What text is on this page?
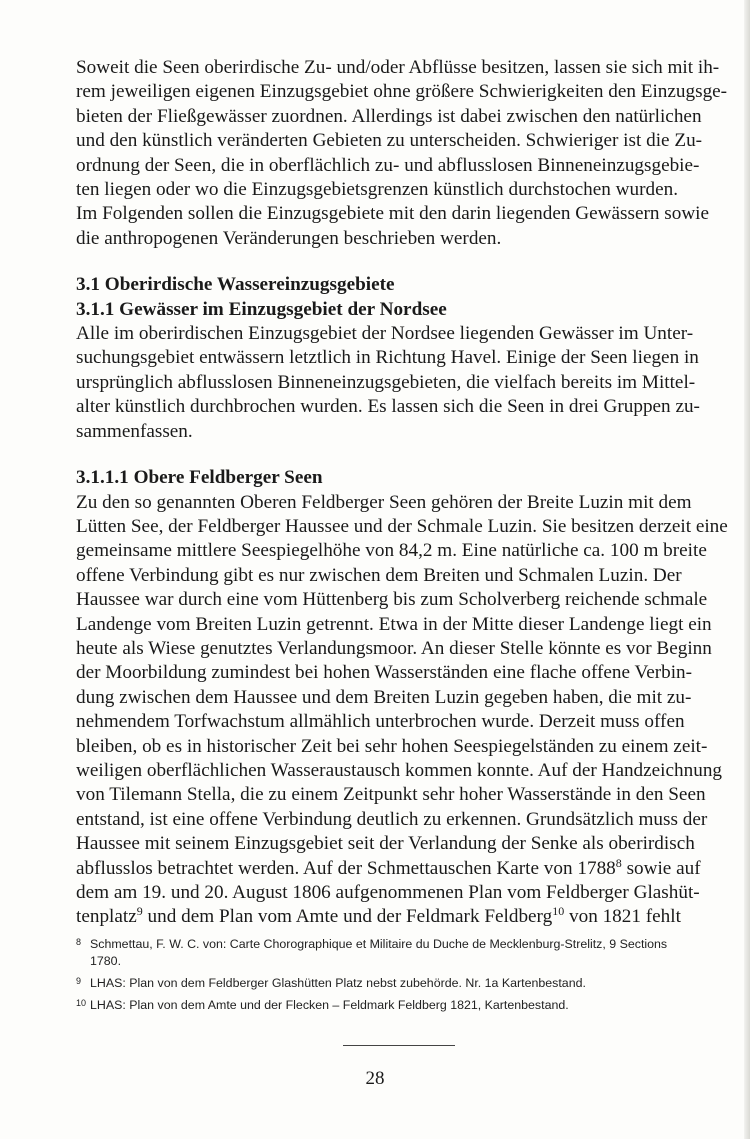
Soweit die Seen oberirdische Zu- und/oder Abflüsse besitzen, lassen sie sich mit ih-
rem jeweiligen eigenen Einzugsgebiet ohne größere Schwierigkeiten den Einzugsge-
bieten der Fließgewässer zuordnen. Allerdings ist dabei zwischen den natürlichen
und den künstlich veränderten Gebieten zu unterscheiden. Schwieriger ist die Zu-
ordnung der Seen, die in oberflächlich zu- und abflusslosen Binneneinzugsgebie-
ten liegen oder wo die Einzugsgebietsgrenzen künstlich durchstochen wurden.
Im Folgenden sollen die Einzugsgebiete mit den darin liegenden Gewässern sowie
die anthropogenen Veränderungen beschrieben werden.
3.1 Oberirdische Wassereinzugsgebiete
3.1.1 Gewässer im Einzugsgebiet der Nordsee
Alle im oberirdischen Einzugsgebiet der Nordsee liegenden Gewässer im Unter-
suchungsgebiet entwässern letztlich in Richtung Havel. Einige der Seen liegen in
ursprünglich abflusslosen Binneneinzugsgebieten, die vielfach bereits im Mittel-
alter künstlich durchbrochen wurden. Es lassen sich die Seen in drei Gruppen zu-
sammenfassen.
3.1.1.1 Obere Feldberger Seen
Zu den so genannten Oberen Feldberger Seen gehören der Breite Luzin mit dem
Lütten See, der Feldberger Haussee und der Schmale Luzin. Sie besitzen derzeit eine
gemeinsame mittlere Seespiegelhöhe von 84,2 m. Eine natürliche ca. 100 m breite
offene Verbindung gibt es nur zwischen dem Breiten und Schmalen Luzin. Der
Haussee war durch eine vom Hüttenberg bis zum Scholverberg reichende schmale
Landenge vom Breiten Luzin getrennt. Etwa in der Mitte dieser Landenge liegt ein
heute als Wiese genutztes Verlandungsmoor. An dieser Stelle könnte es vor Beginn
der Moorbildung zumindest bei hohen Wasserständen eine flache offene Verbin-
dung zwischen dem Haussee und dem Breiten Luzin gegeben haben, die mit zu-
nehmendem Torfwachstum allmählich unterbrochen wurde. Derzeit muss offen
bleiben, ob es in historischer Zeit bei sehr hohen Seespiegelständen zu einem zeit-
weiligen oberflächlichen Wasseraustausch kommen konnte. Auf der Handzeichnung
von Tilemann Stella, die zu einem Zeitpunkt sehr hoher Wasserstände in den Seen
entstand, ist eine offene Verbindung deutlich zu erkennen. Grundsätzlich muss der
Haussee mit seinem Einzugsgebiet seit der Verlandung der Senke als oberirdisch
abflusslos betrachtet werden. Auf der Schmettauschen Karte von 1788$^8$ sowie auf
dem am 19. und 20. August 1806 aufgenommenen Plan vom Feldberger Glashüt-
tenplatz$^9$ und dem Plan vom Amte und der Feldmark Feldberg$^{10}$ von 1821 fehlt
8 Schmettau, F. W. C. von: Carte Chorographique et Militaire du Duche de Mecklenburg-Strelitz, 9 Sections 1780.
9 LHAS: Plan von dem Feldberger Glashütten Platz nebst zubehörde. Nr. 1a Kartenbestand.
10 LHAS: Plan von dem Amte und der Flecken – Feldmark Feldberg 1821, Kartenbestand.
28
